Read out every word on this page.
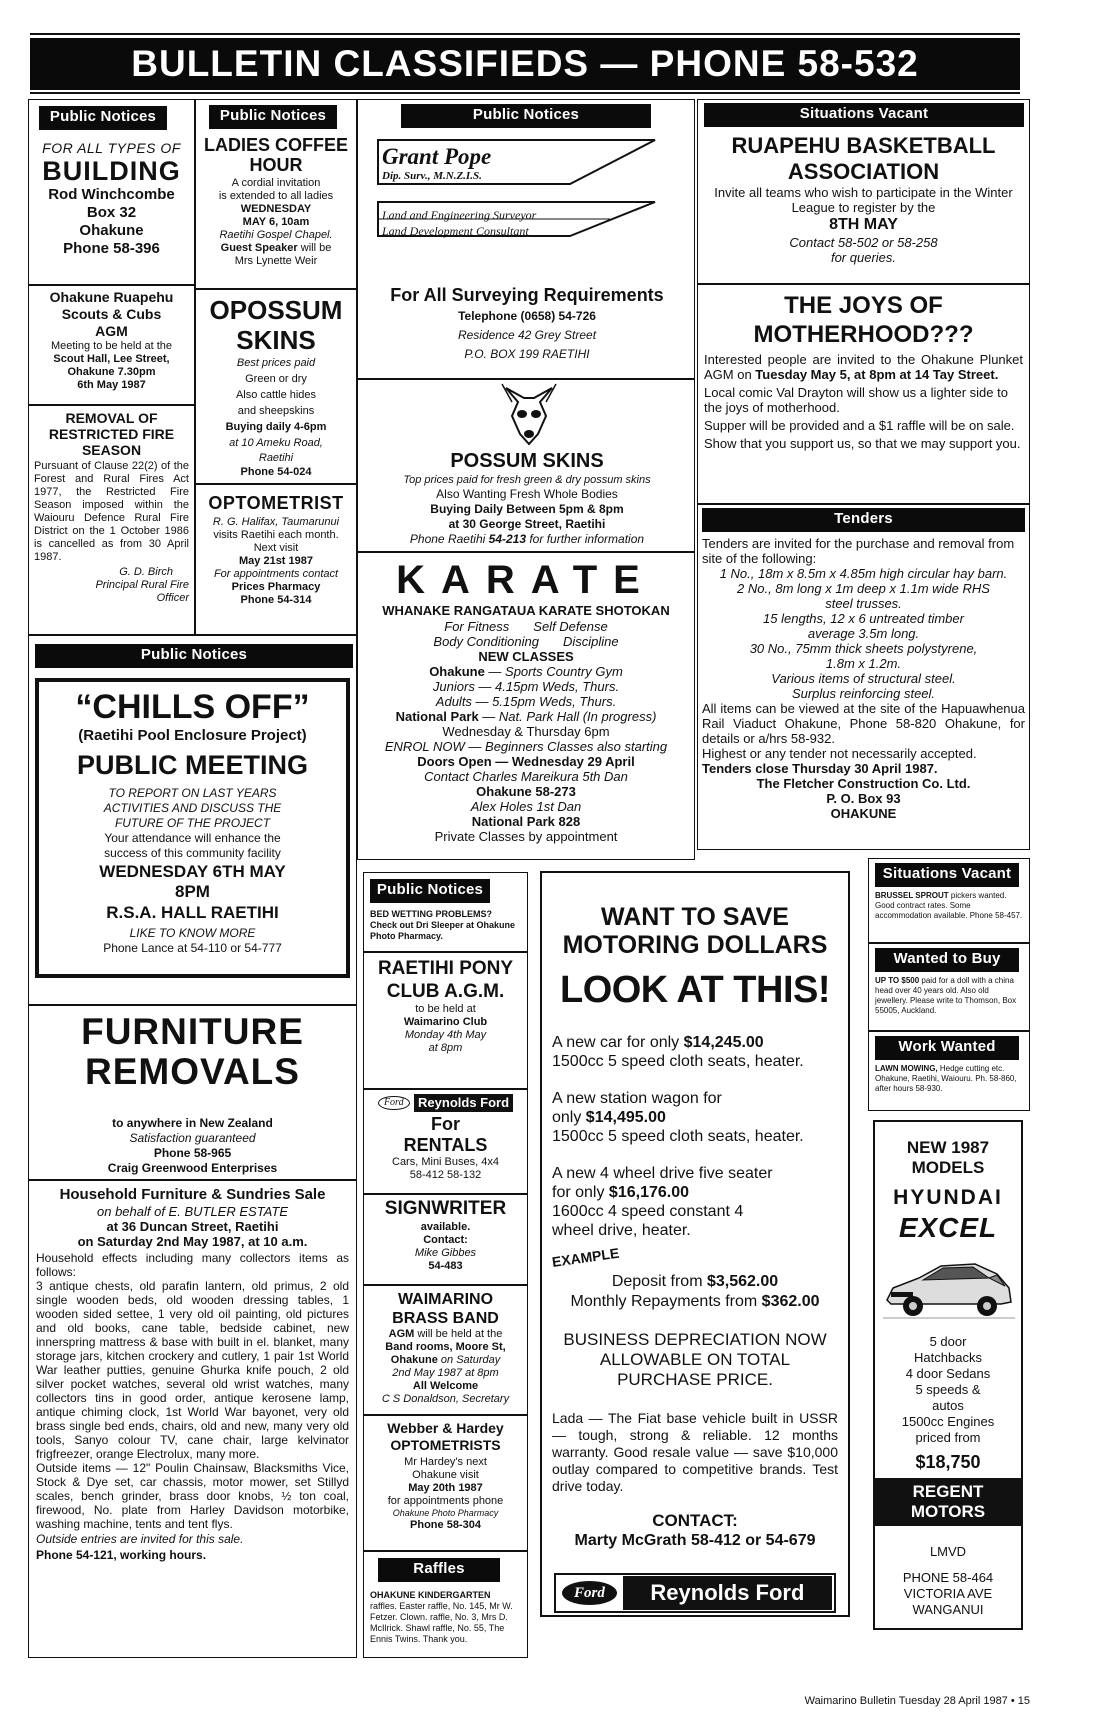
BULLETIN CLASSIFIEDS — PHONE 58-532
Public Notices
FOR ALL TYPES OF
BUILDING
Rod Winchcombe
Box 32
Ohakune
Phone 58-396
Ohakune Ruapehu Scouts & Cubs
AGM
Meeting to be held at the
Scout Hall, Lee Street,
Ohakune 7.30pm
6th May 1987
REMOVAL OF RESTRICTED FIRE SEASON
Pursuant of Clause 22(2) of the Forest and Rural Fires Act 1977, the Restricted Fire Season imposed within the Waiouru Defence Rural Fire District on the 1 October 1986 is cancelled as from 30 April 1987.
G. D. Birch
Principal Rural Fire
Officer
Public Notices
LADIES COFFEE HOUR
A cordial invitation
is extended to all ladies
WEDNESDAY
MAY 6, 10am
Raetihi Gospel Chapel.
Guest Speaker will be
Mrs Lynette Weir
OPOSSUM SKINS
Best prices paid
Green or dry
Also cattle hides
and sheepskins
Buying daily 4-6pm
at 10 Ameku Road,
Raetihi
Phone 54-024
OPTOMETRIST
R. G. Halifax, Taumarunui
visits Raetihi each month.
Next visit
May 21st 1987
For appointments contact
Prices Pharmacy
Phone 54-314
Public Notices
“CHILLS OFF”
(Raetihi Pool Enclosure Project)
PUBLIC MEETING
TO REPORT ON LAST YEARS
ACTIVITIES AND DISCUSS THE
FUTURE OF THE PROJECT
Your attendance will enhance the
success of this community facility
WEDNESDAY 6TH MAY
8PM
R.S.A. HALL RAETIHI
LIKE TO KNOW MORE
Phone Lance at 54-110 or 54-777
FURNITURE
REMOVALS
to anywhere in New Zealand
Satisfaction guaranteed
Phone 58-965
Craig Greenwood Enterprises
Household Furniture & Sundries Sale
on behalf of E. BUTLER ESTATE
at 36 Duncan Street, Raetihi
on Saturday 2nd May 1987, at 10 a.m.
Household effects including many collectors items as follows:
3 antique chests, old parafin lantern, old primus, 2 old single wooden beds, old wooden dressing tables, 1 wooden sided settee, 1 very old oil painting, old pictures and old books, cane table, bedside cabinet, new innerspring mattress & base with built in el. blanket, many storage jars, kitchen crockery and cutlery, 1 pair 1st World War leather putties, genuine Ghurka knife pouch, 2 old silver pocket watches, several old wrist watches, many collectors tins in good order, antique kerosene lamp, antique chiming clock, 1st World War bayonet, very old brass single bed ends, chairs, old and new, many very old tools, Sanyo colour TV, cane chair, large kelvinator frigfreezer, orange Electrolux, many more.
Outside items — 12" Poulin Chainsaw, Blacksmiths Vice, Stock & Dye set, car chassis, motor mower, set Stillyd scales, bench grinder, brass door knobs, ½ ton coal, firewood, No. plate from Harley Davidson motorbike, washing machine, tents and tent flys.
Outside entries are invited for this sale.
Phone 54-121, working hours.
Public Notices
Grant Pope
Dip. Surv., M.N.Z.I.S.
Land and Engineering Surveyor
Land Development Consultant
For All Surveying Requirements
Telephone (0658) 54-726
Residence 42 Grey Street
P.O. BOX 199 RAETIHI
POSSUM SKINS
Top prices paid for fresh green & dry possum skins
Also Wanting Fresh Whole Bodies
Buying Daily Between 5pm & 8pm
at 30 George Street, Raetihi
Phone Raetihi 54-213 for further information
KARATE
WHANAKE RANGATAUA KARATE SHOTOKAN
For Fitness Self Defense
Body Conditioning Discipline
NEW CLASSES
Ohakune — Sports Country Gym
Juniors — 4.15pm Weds, Thurs.
Adults — 5.15pm Weds, Thurs.
National Park — Nat. Park Hall (In progress)
Wednesday & Thursday 6pm
ENROL NOW — Beginners Classes also starting
Doors Open — Wednesday 29 April
Contact Charles Mareikura 5th Dan
Ohakune 58-273
Alex Holes 1st Dan
National Park 828
Private Classes by appointment
Situations Vacant
RUAPEHU BASKETBALL ASSOCIATION
Invite all teams who wish to participate in the Winter League to register by the
8TH MAY
Contact 58-502 or 58-258
for queries.
THE JOYS OF MOTHERHOOD???
Interested people are invited to the Ohakune Plunket AGM on Tuesday May 5, at 8pm at 14 Tay Street.
Local comic Val Drayton will show us a lighter side to the joys of motherhood.
Supper will be provided and a $1 raffle will be on sale.
Show that you support us, so that we may support you.
Tenders
Tenders are invited for the purchase and removal from site of the following:
1 No., 18m x 8.5m x 4.85m high circular hay barn.
2 No., 8m long x 1m deep x 1.1m wide RHS
steel trusses.
15 lengths, 12 x 6 untreated timber
average 3.5m long.
30 No., 75mm thick sheets polystyrene,
1.8m x 1.2m.
Various items of structural steel.
Surplus reinforcing steel.
All items can be viewed at the site of the Hapuawhenua Rail Viaduct Ohakune, Phone 58-820 Ohakune, for details or a/hrs 58-932.
Highest or any tender not necessarily accepted.
Tenders close Thursday 30 April 1987.
The Fletcher Construction Co. Ltd.
P. O. Box 93
OHAKUNE
Public Notices
BED WETTING PROBLEMS?
Check out Dri Sleeper at Ohakune Photo Pharmacy.
RAETIHI PONY CLUB A.G.M.
to be held at
Waimarino Club
Monday 4th May
at 8pm
Ford Reynolds Ford
For
RENTALS
Cars, Mini Buses, 4x4
58-412 58-132
SIGNWRITER
available.
Contact:
Mike Gibbes
54-483
WAIMARINO BRASS BAND
AGM will be held at the
Band rooms, Moore St, Ohakune on Saturday
2nd May 1987 at 8pm
All Welcome
C S Donaldson, Secretary
Webber & Hardey OPTOMETRISTS
Mr Hardey's next
Ohakune visit
May 20th 1987
for appointments phone
Ohakune Photo Pharmacy
Phone 58-304
Raffles
OHAKUNE KINDERGARTEN
raffles. Easter raffle, No. 145, Mr W. Fetzer. Clown. raffle, No. 3, Mrs D. McIlrick. Shawl raffle, No. 55, The Ennis Twins. Thank you.
WANT TO SAVE
MOTORING DOLLARS
LOOK AT THIS!
A new car for only $14,245.00
1500cc 5 speed cloth seats, heater.
A new station wagon for
only $14,495.00
1500cc 5 speed cloth seats, heater.
A new 4 wheel drive five seater
for only $16,176.00
1600cc 4 speed constant 4
wheel drive, heater.
EXAMPLE
Deposit from $3,562.00
Monthly Repayments from $362.00
BUSINESS DEPRECIATION NOW ALLOWABLE ON TOTAL PURCHASE PRICE.
Lada — The Fiat base vehicle built in USSR — tough, strong & reliable. 12 months warranty. Good resale value — save $10,000 outlay compared to competitive brands. Test drive today.
CONTACT:
Marty McGrath 58-412 or 54-679
Ford	Reynolds Ford
Situations Vacant
BRUSSEL SPROUT pickers wanted. Good contract rates. Some accommodation available. Phone 58-457.
Wanted to Buy
UP TO $500 paid for a doll with a china head over 40 years old. Also old jewellery. Please write to Thomson, Box 55005, Auckland.
Work Wanted
LAWN MOWING, Hedge cutting etc. Ohakune, Raetihi, Waiouru. Ph. 58-860, after hours 58-930.
NEW 1987
MODELS
HYUNDAI
EXCEL
5 door
Hatchbacks
4 door Sedans
5 speeds &
autos
1500cc Engines
priced from
$18,750
REGENT
MOTORS
LMVD
PHONE 58-464
VICTORIA AVE
WANGANUI
Waimarino Bulletin Tuesday 28 April 1987 • 15
